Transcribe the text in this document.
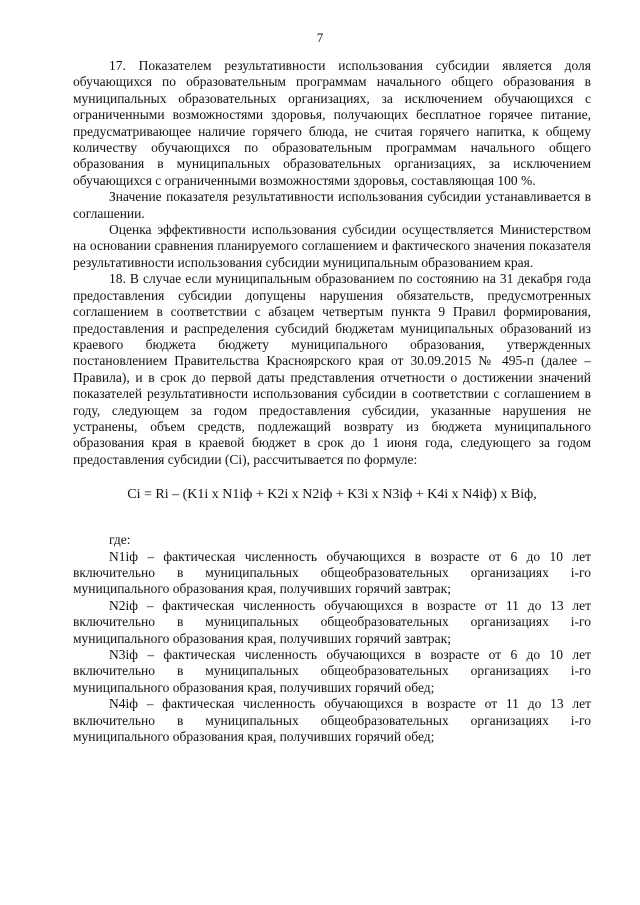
7

17. Показателем результативности использования субсидии является доля обучающихся по образовательным программам начального общего образования в муниципальных образовательных организациях, за исключением обучающихся с ограниченными возможностями здоровья, получающих бесплатное горячее питание, предусматривающее наличие горячего блюда, не считая горячего напитка, к общему количеству обучающихся по образовательным программам начального общего образования в муниципальных образовательных организациях, за исключением обучающихся с ограниченными возможностями здоровья, составляющая 100 %.

Значение показателя результативности использования субсидии устанавливается в соглашении.

Оценка эффективности использования субсидии осуществляется Министерством на основании сравнения планируемого соглашением и фактического значения показателя результативности использования субсидии муниципальным образованием края.

18. В случае если муниципальным образованием по состоянию на 31 декабря года предоставления субсидии допущены нарушения обязательств, предусмотренных соглашением в соответствии с абзацем четвертым пункта 9 Правил формирования, предоставления и распределения субсидий бюджетам муниципальных образований из краевого бюджета бюджету муниципального образования, утвержденных постановлением Правительства Красноярского края от 30.09.2015 № 495-п (далее – Правила), и в срок до первой даты представления отчетности о достижении значений показателей результативности использования субсидии в соответствии с соглашением в году, следующем за годом предоставления субсидии, указанные нарушения не устранены, объем средств, подлежащий возврату из бюджета муниципального образования края в краевой бюджет в срок до 1 июня года, следующего за годом предоставления субсидии (Ci), рассчитывается по формуле:

Ci = Ri – (K1i x N1iф + K2i x N2iф + K3i x N3iф + K4i x N4iф) x Biф,

где:

N1iф – фактическая численность обучающихся в возрасте от 6 до 10 лет включительно в муниципальных общеобразовательных организациях i-го муниципального образования края, получивших горячий завтрак;

N2iф – фактическая численность обучающихся в возрасте от 11 до 13 лет включительно в муниципальных общеобразовательных организациях i-го муниципального образования края, получивших горячий завтрак;

N3iф – фактическая численность обучающихся в возрасте от 6 до 10 лет включительно в муниципальных общеобразовательных организациях i-го муниципального образования края, получивших горячий обед;

N4iф – фактическая численность обучающихся в возрасте от 11 до 13 лет включительно в муниципальных общеобразовательных организациях i-го муниципального образования края, получивших горячий обед;
